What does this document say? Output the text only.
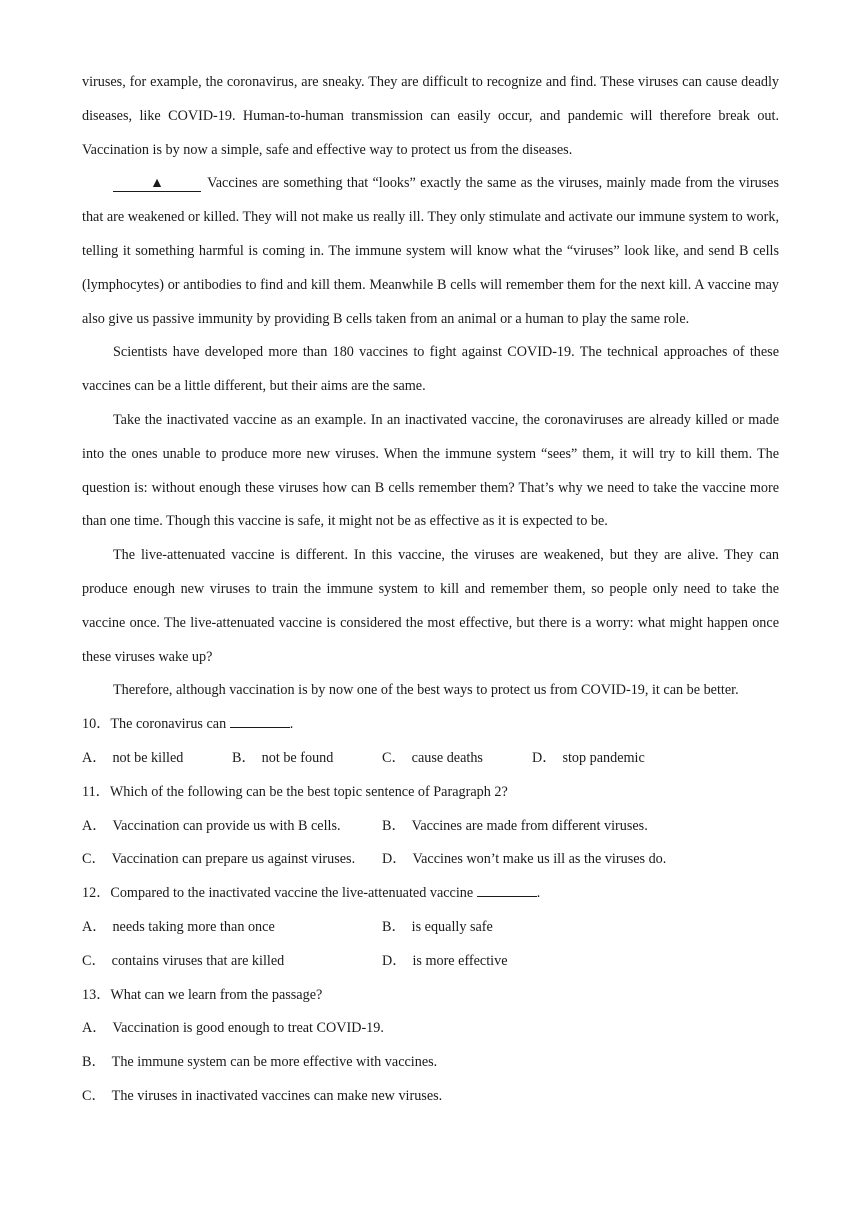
viruses, for example, the coronavirus, are sneaky. They are difficult to recognize and find. These viruses can cause deadly diseases, like COVID-19. Human-to-human transmission can easily occur, and pandemic will therefore break out. Vaccination is by now a simple, safe and effective way to protect us from the diseases.

▲	Vaccines are something that “looks” exactly the same as the viruses, mainly made from the viruses that are weakened or killed. They will not make us really ill. They only stimulate and activate our immune system to work, telling it something harmful is coming in. The immune system will know what the “viruses” look like, and send B cells (lymphocytes) or antibodies to find and kill them. Meanwhile B cells will remember them for the next kill. A vaccine may also give us passive immunity by providing B cells taken from an animal or a human to play the same role.

Scientists have developed more than 180 vaccines to fight against COVID-19. The technical approaches of these vaccines can be a little different, but their aims are the same.

Take the inactivated vaccine as an example. In an inactivated vaccine, the coronaviruses are already killed or made into the ones unable to produce more new viruses. When the immune system “sees” them, it will try to kill them. The question is: without enough these viruses how can B cells remember them? That’s why we need to take the vaccine more than one time. Though this vaccine is safe, it might not be as effective as it is expected to be.

The live-attenuated vaccine is different. In this vaccine, the viruses are weakened, but they are alive. They can produce enough new viruses to train the immune system to kill and remember them, so people only need to take the vaccine once. The live-attenuated vaccine is considered the most effective, but there is a worry: what might happen once these viruses wake up?

Therefore, although vaccination is by now one of the best ways to protect us from COVID-19, it can be better.

10．The coronavirus can	.

A． not be killed	B． not be found	C． cause deaths	D． stop pandemic

11．Which of the following can be the best topic sentence of Paragraph 2?

A． Vaccination can provide us with B cells.	B． Vaccines are made from different viruses.
C． Vaccination can prepare us against viruses.	D． Vaccines won’t make us ill as the viruses do.

12．Compared to the inactivated vaccine the live-attenuated vaccine	.

A． needs taking more than once	B． is equally safe
C． contains viruses that are killed	D． is more effective

13．What can we learn from the passage?

A． Vaccination is good enough to treat COVID-19.
B． The immune system can be more effective with vaccines.
C． The viruses in inactivated vaccines can make new viruses.
